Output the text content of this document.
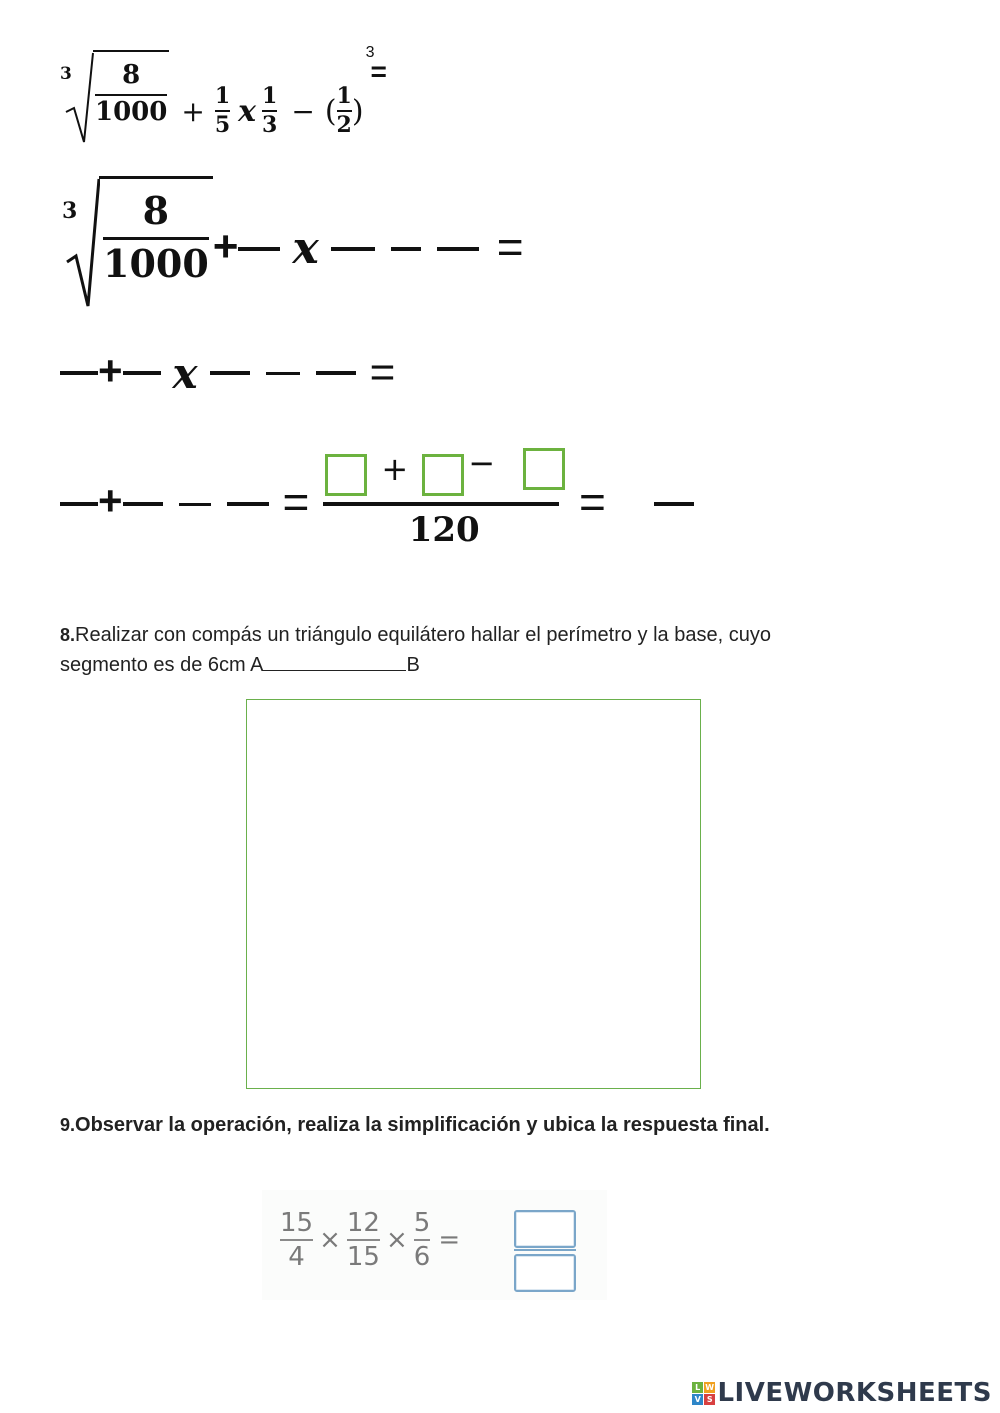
$3 \frac{8}{1000} + \frac{1}{5}$ x $\frac{1}{3}$ − ( $\frac{1}{2}$ )
3
=
$3 \frac{8}{1000} + x$	=
+ x	=
+	= $\frac{+ -}{120}$ =
8.Realizar con compás un triángulo equilátero hallar el perímetro y la base, cuyo
segmento es de 6cm A	B
9.Observar la operación, realiza la simplificación y ubica la respuesta final.
$\frac{15}{4} \times \frac{12}{15} \times \frac{5}{6}$ =
L W
V S LIVEWORKSHEETS
